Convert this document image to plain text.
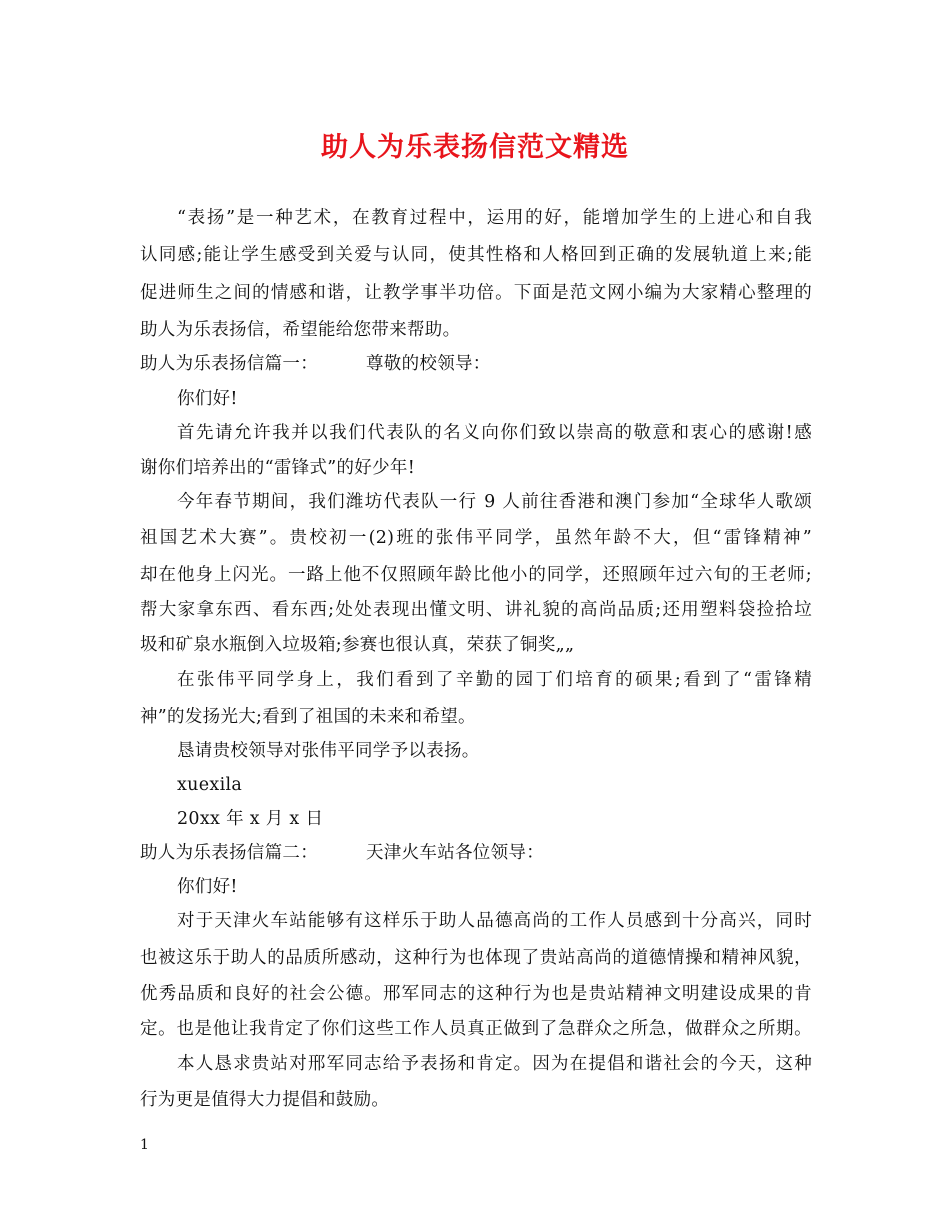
助人为乐表扬信范文精选
“表扬”是一种艺术，在教育过程中，运用的好，能增加学生的上进心和自我
认同感;能让学生感受到关爱与认同，使其性格和人格回到正确的发展轨道上来;能
促进师生之间的情感和谐，让教学事半功倍。下面是范文网小编为大家精心整理的
助人为乐表扬信，希望能给您带来帮助。
助人为乐表扬信篇一：	尊敬的校领导：
你们好!
首先请允许我并以我们代表队的名义向你们致以崇高的敬意和衷心的感谢!感
谢你们培养出的“雷锋式”的好少年!
今年春节期间，我们潍坊代表队一行 9 人前往香港和澳门参加“全球华人歌颂
祖国艺术大赛”。贵校初一(2)班的张伟平同学，虽然年龄不大，但“雷锋精神”
却在他身上闪光。一路上他不仅照顾年龄比他小的同学，还照顾年过六旬的王老师;
帮大家拿东西、看东西;处处表现出懂文明、讲礼貌的高尚品质;还用塑料袋捡拾垃
圾和矿泉水瓶倒入垃圾箱;参赛也很认真，荣获了铜奖„„
在张伟平同学身上，我们看到了辛勤的园丁们培育的硕果;看到了“雷锋精
神”的发扬光大;看到了祖国的未来和希望。
恳请贵校领导对张伟平同学予以表扬。
xuexila
20xx 年 x 月 x 日
助人为乐表扬信篇二：	天津火车站各位领导：
你们好!
对于天津火车站能够有这样乐于助人品德高尚的工作人员感到十分高兴，同时
也被这乐于助人的品质所感动，这种行为也体现了贵站高尚的道德情操和精神风貌，
优秀品质和良好的社会公德。邢军同志的这种行为也是贵站精神文明建设成果的肯
定。也是他让我肯定了你们这些工作人员真正做到了急群众之所急，做群众之所期。
本人恳求贵站对邢军同志给予表扬和肯定。因为在提倡和谐社会的今天，这种
行为更是值得大力提倡和鼓励。
1
